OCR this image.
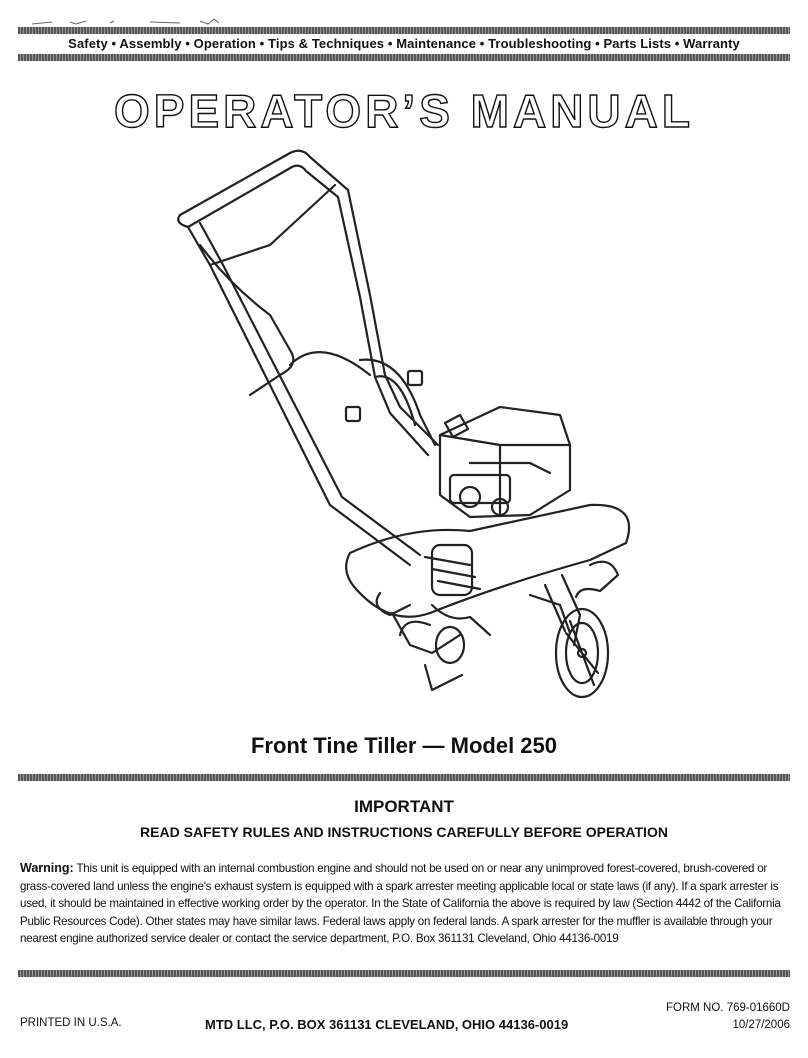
Safety • Assembly • Operation • Tips & Techniques • Maintenance • Troubleshooting • Parts Lists • Warranty
OPERATOR’S MANUAL
Front Tine Tiller — Model 250
IMPORTANT
READ SAFETY RULES AND INSTRUCTIONS CAREFULLY BEFORE OPERATION
Warning: This unit is equipped with an internal combustion engine and should not be used on or near any unimproved forest-covered, brush-covered or grass-covered land unless the engine's exhaust system is equipped with a spark arrester meeting applicable local or state laws (if any). If a spark arrester is used, it should be maintained in effective working order by the operator. In the State of California the above is required by law (Section 4442 of the California Public Resources Code). Other states may have similar laws. Federal laws apply on federal lands. A spark arrester for the muffler is available through your nearest engine authorized service dealer or contact the service department, P.O. Box 361131 Cleveland, Ohio 44136-0019
PRINTED IN U.S.A.	MTD LLC, P.O. BOX 361131 CLEVELAND, OHIO 44136-0019
FORM NO. 769-01660D
10/27/2006
